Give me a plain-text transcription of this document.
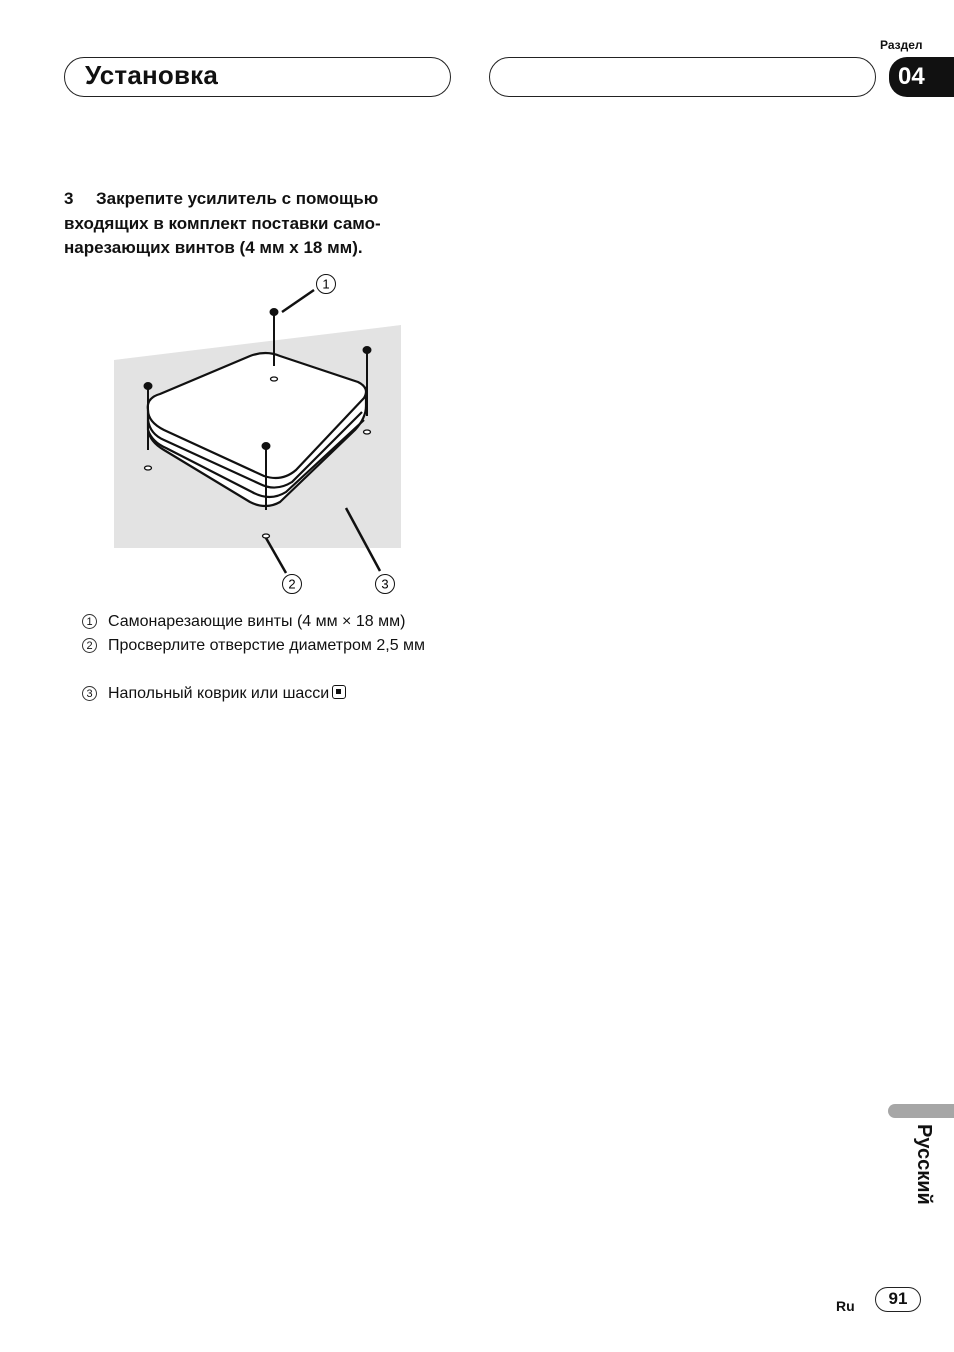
Установка
Раздел
04
3 Закрепите усилитель с помощью входящих в комплект поставки само-нарезающих винтов (4 мм x 18 мм).
1
2	3
1 Самонарезающие винты (4 мм × 18 мм)
2 Просверлите отверстие диаметром 2,5 мм
3 Напольный коврик или шасси
Русский
Ru	91
